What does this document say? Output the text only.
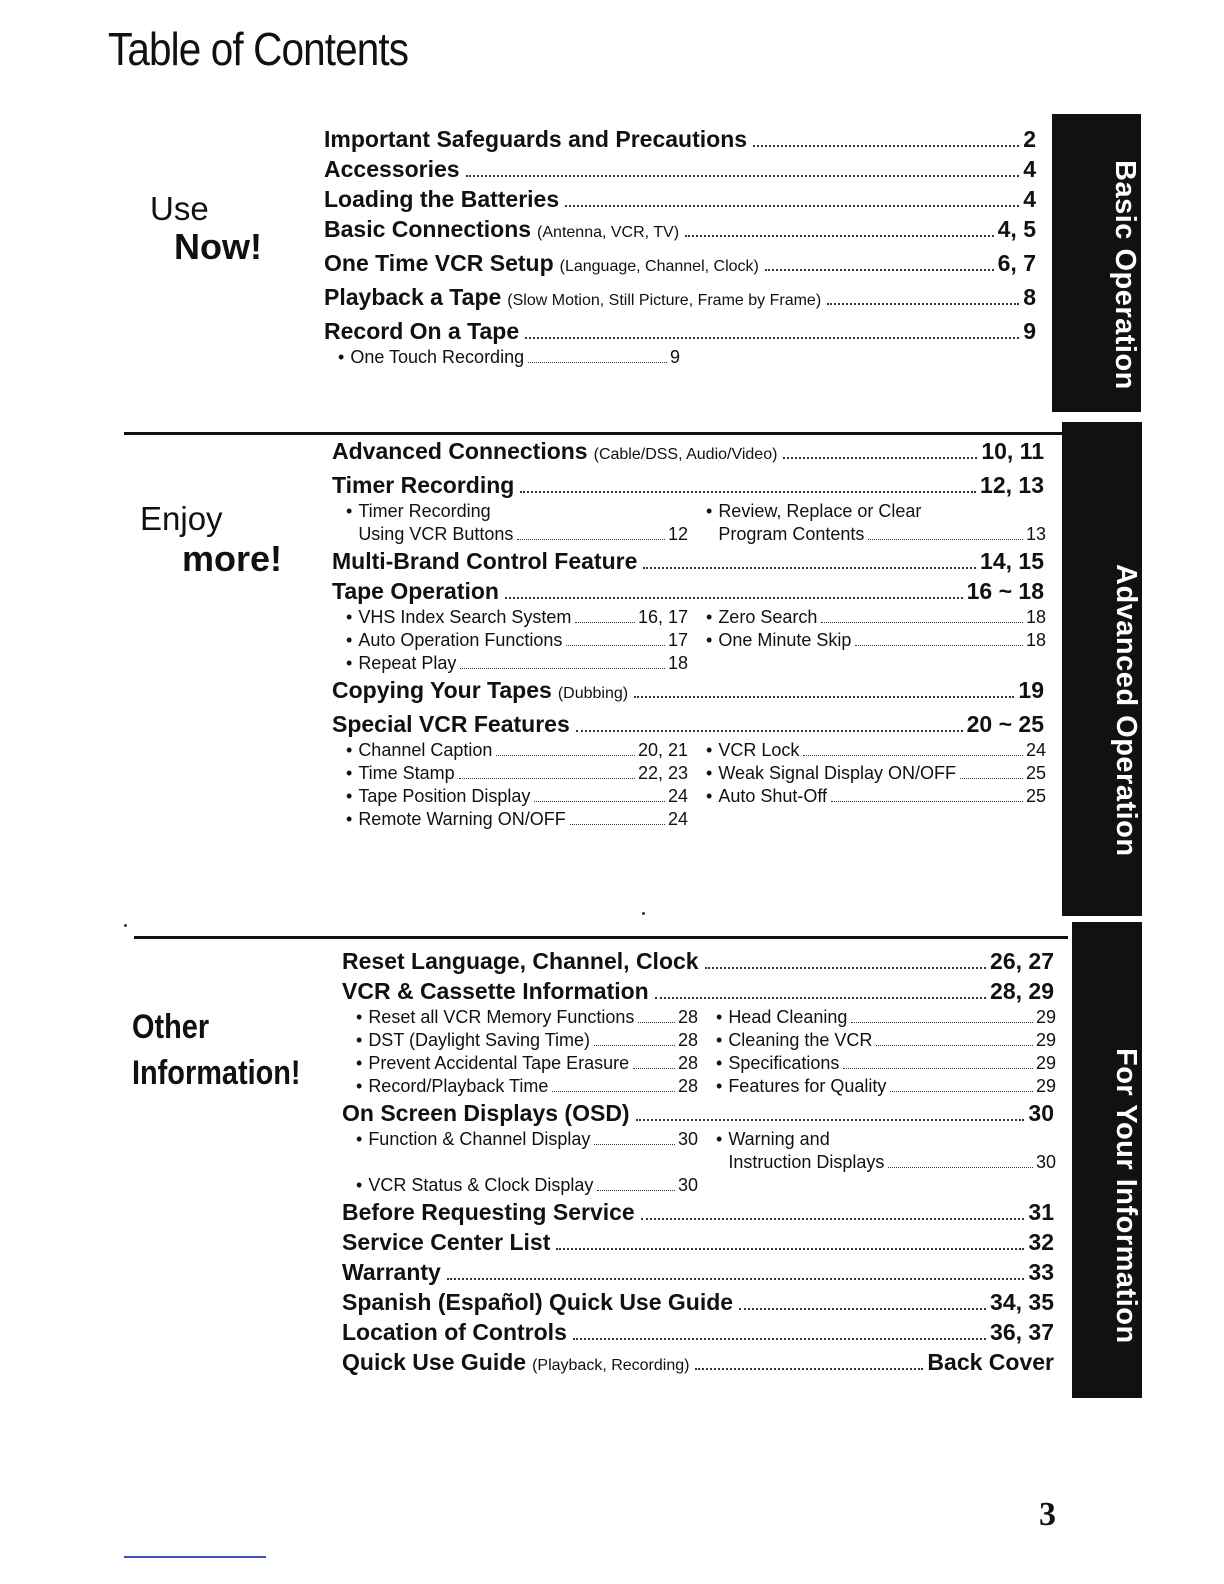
Table of Contents
Use
Now!	Basic Operation
Important Safeguards and Precautions	2
Accessories	4
Loading the Batteries	4
Basic Connections (Antenna, VCR, TV)	4, 5
One Time VCR Setup (Language, Channel, Clock)	6, 7
Playback a Tape (Slow Motion, Still Picture, Frame by Frame)	8
Record On a Tape	9
• One Touch Recording	9
Enjoy
more!
Advanced Operation
Advanced Connections (Cable/DSS, Audio/Video)	10, 11
Timer Recording	12, 13
• Timer Recording
Using VCR Buttons	12
• Review, Replace or Clear
Program Contents	13
Multi-Brand Control Feature	14, 15
Tape Operation	16 ~ 18
• VHS Index Search System	16, 17 • Zero Search	18
• Auto Operation Functions	17 • One Minute Skip	18
• Repeat Play	18
Copying Your Tapes (Dubbing)	19
Special VCR Features	20 ~ 25
• Channel Caption	20, 21 • VCR Lock	24
• Time Stamp	22, 23 • Weak Signal Display ON/OFF	25
• Tape Position Display	24 • Auto Shut-Off	25
• Remote Warning ON/OFF	24
Other
Information!	For Your Information
Reset Language, Channel, Clock	26, 27
VCR & Cassette Information	28, 29
• Reset all VCR Memory Functions 28 • Head Cleaning	29
• DST (Daylight Saving Time)	28 • Cleaning the VCR	29
• Prevent Accidental Tape Erasure	28 • Specifications	29
• Record/Playback Time	28 • Features for Quality	29
On Screen Displays (OSD)	30
• Function & Channel Display	30 • Warning and
Instruction Displays	30
• VCR Status & Clock Display	30
Before Requesting Service	31
Service Center List	32
Warranty	33
Spanish (Español) Quick Use Guide	34, 35
Location of Controls	36, 37
Quick Use Guide (Playback, Recording)	Back Cover
3
